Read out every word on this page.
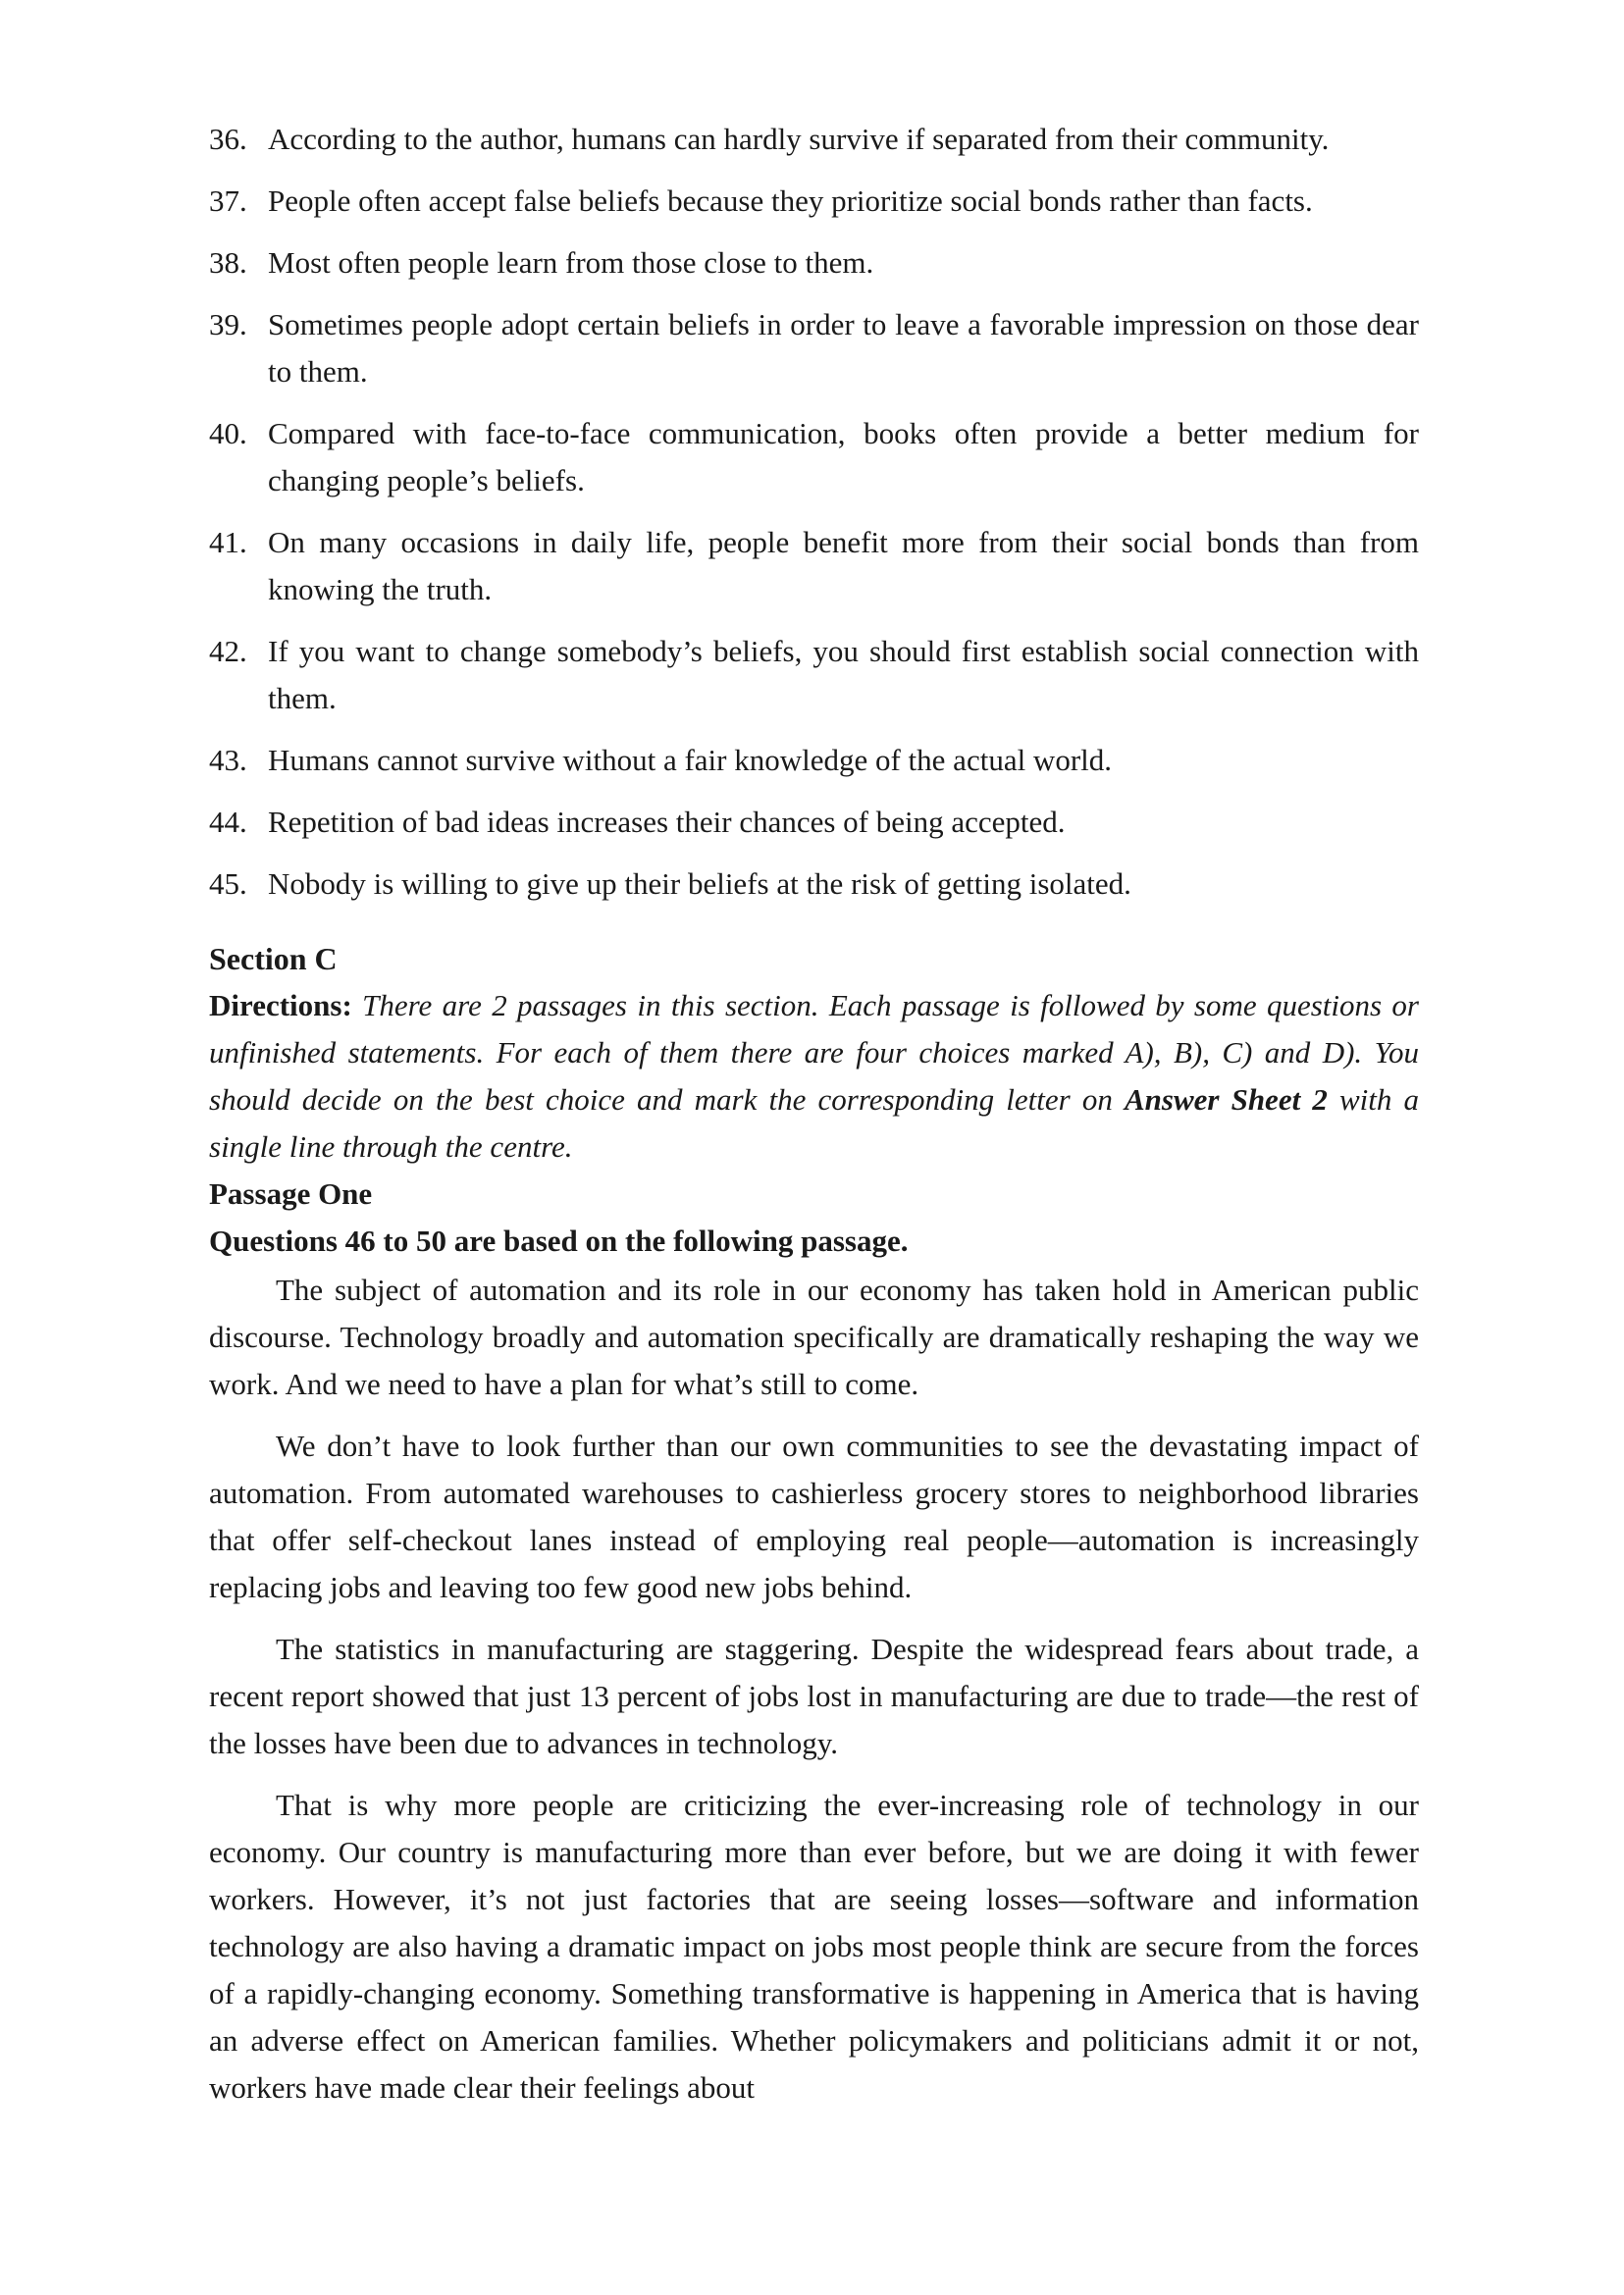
36. According to the author, humans can hardly survive if separated from their community.
37. People often accept false beliefs because they prioritize social bonds rather than facts.
38. Most often people learn from those close to them.
39. Sometimes people adopt certain beliefs in order to leave a favorable impression on those dear to them.
40. Compared with face-to-face communication, books often provide a better medium for changing people’s beliefs.
41. On many occasions in daily life, people benefit more from their social bonds than from knowing the truth.
42. If you want to change somebody’s beliefs, you should first establish social connection with them.
43. Humans cannot survive without a fair knowledge of the actual world.
44. Repetition of bad ideas increases their chances of being accepted.
45. Nobody is willing to give up their beliefs at the risk of getting isolated.
Section C
Directions: There are 2 passages in this section. Each passage is followed by some questions or unfinished statements. For each of them there are four choices marked A), B), C) and D). You should decide on the best choice and mark the corresponding letter on Answer Sheet 2 with a single line through the centre.
Passage One
Questions 46 to 50 are based on the following passage.

The subject of automation and its role in our economy has taken hold in American public discourse. Technology broadly and automation specifically are dramatically reshaping the way we work. And we need to have a plan for what’s still to come.

We don’t have to look further than our own communities to see the devastating impact of automation. From automated warehouses to cashierless grocery stores to neighborhood libraries that offer self-checkout lanes instead of employing real people—automation is increasingly replacing jobs and leaving too few good new jobs behind.

The statistics in manufacturing are staggering. Despite the widespread fears about trade, a recent report showed that just 13 percent of jobs lost in manufacturing are due to trade—the rest of the losses have been due to advances in technology.

That is why more people are criticizing the ever-increasing role of technology in our economy. Our country is manufacturing more than ever before, but we are doing it with fewer workers. However, it’s not just factories that are seeing losses—software and information technology are also having a dramatic impact on jobs most people think are secure from the forces of a rapidly-changing economy. Something transformative is happening in America that is having an adverse effect on American families. Whether policymakers and politicians admit it or not, workers have made clear their feelings about
